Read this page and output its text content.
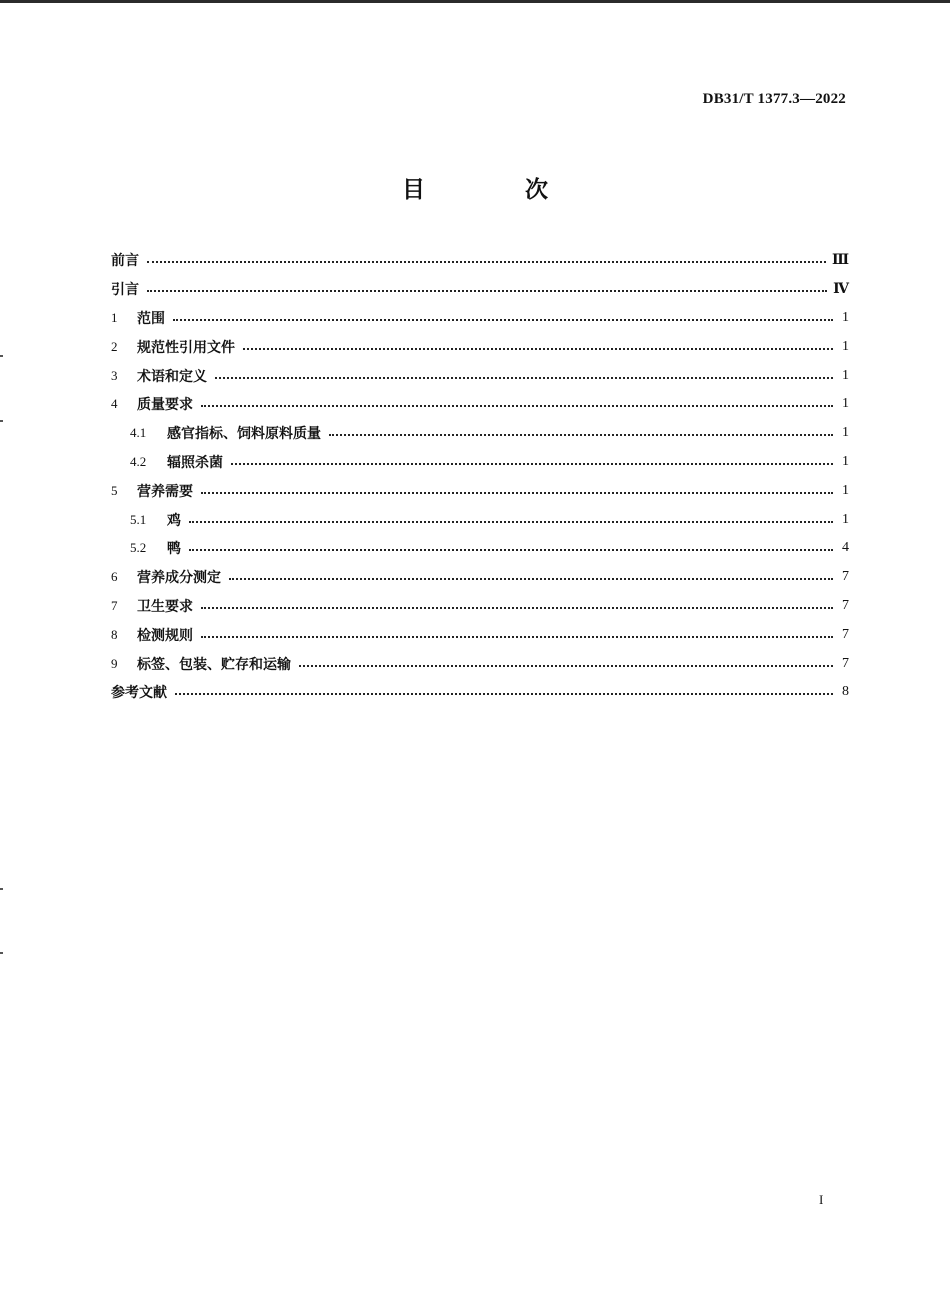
DB31/T 1377.3—2022
目 次
前言	Ⅲ
引言	Ⅳ
1	范围	1
2	规范性引用文件	1
3	术语和定义	1
4	质量要求	1
4.1	感官指标、饲料原料质量	1
4.2	辐照杀菌	1
5	营养需要	1
5.1	鸡	1
5.2	鸭	4
6	营养成分测定	7
7	卫生要求	7
8	检测规则	7
9	标签、包装、贮存和运输	7
参考文献	8
I
